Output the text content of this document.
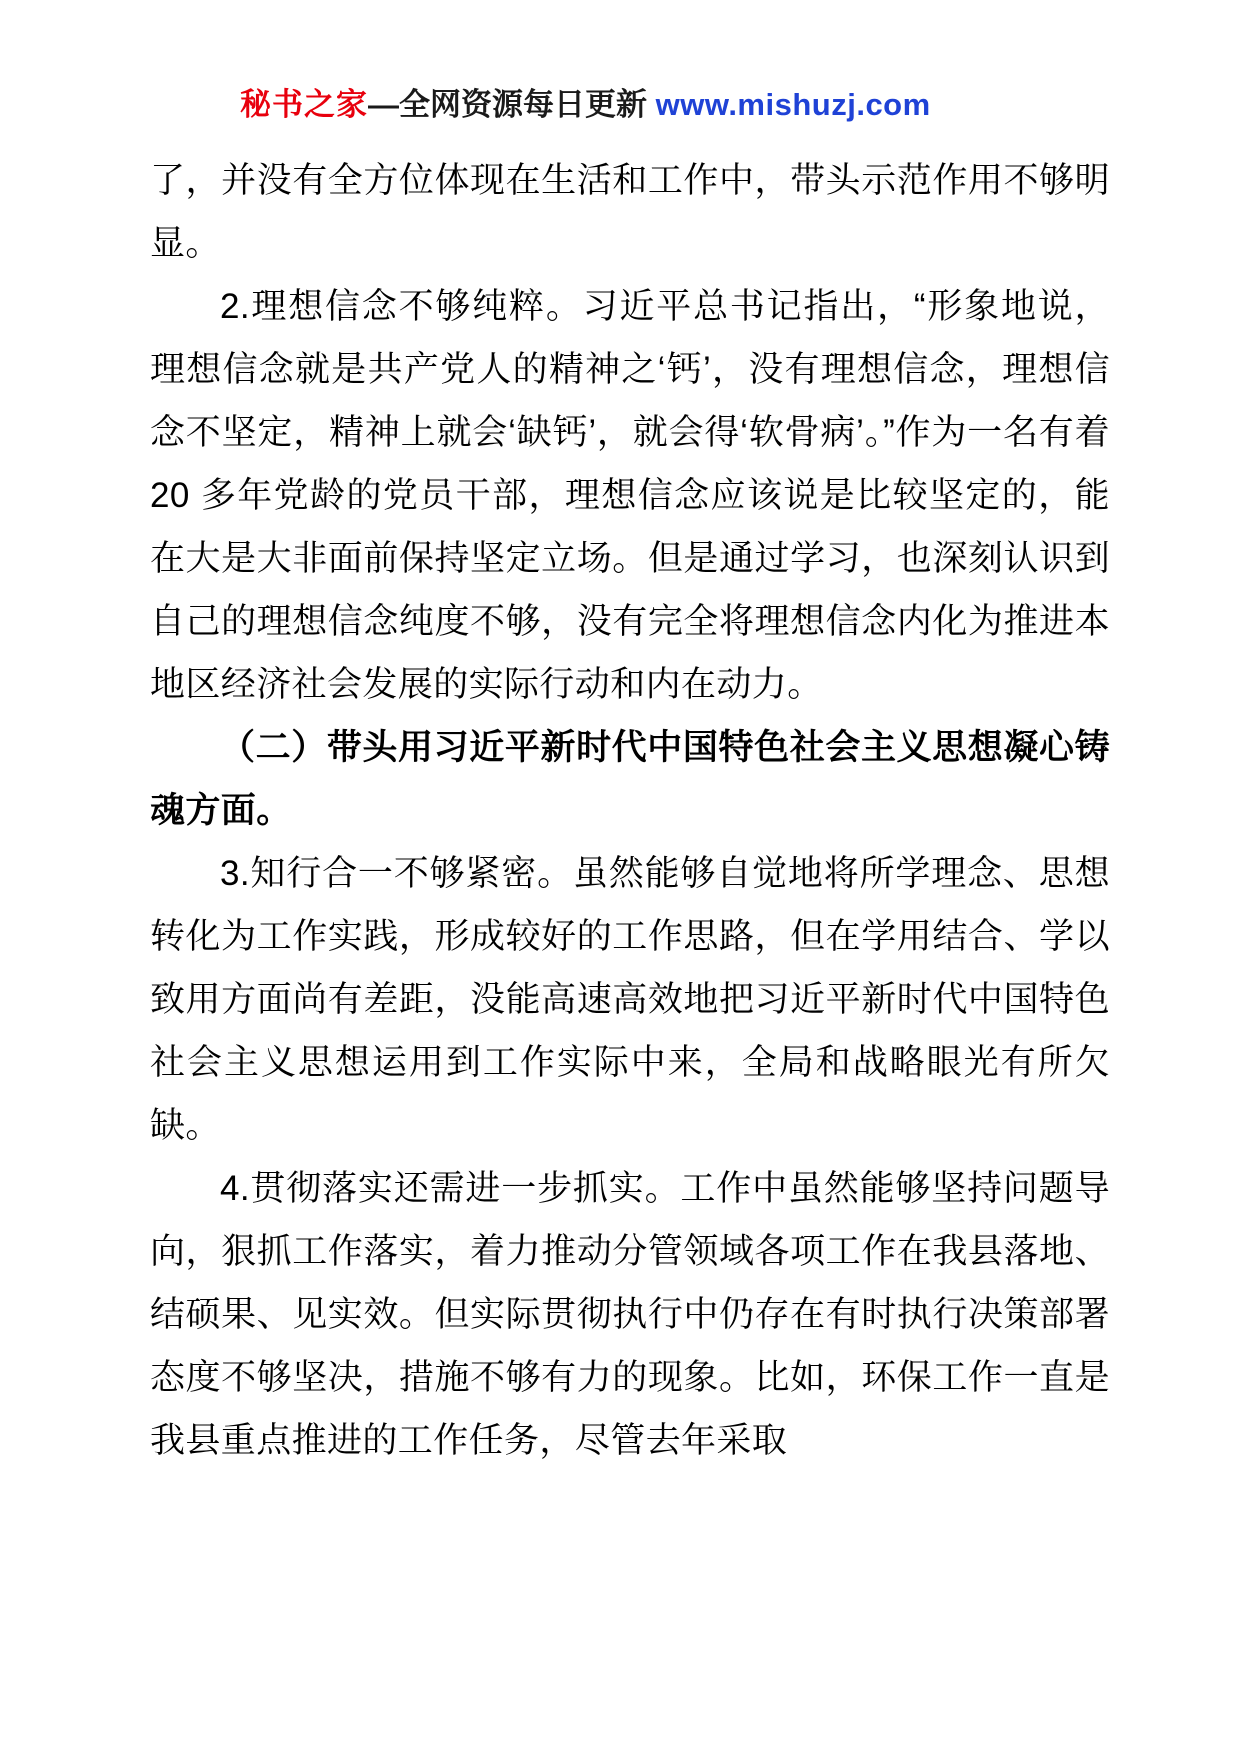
秘书之家—全网资源每日更新 www.mishuzj.com

了，并没有全方位体现在生活和工作中，带头示范作用不够明显。

2.理想信念不够纯粹。习近平总书记指出，“形象地说，理想信念就是共产党人的精神之‘钙’，没有理想信念，理想信念不坚定，精神上就会‘缺钙’，就会得‘软骨病’。”作为一名有着 20 多年党龄的党员干部，理想信念应该说是比较坚定的，能在大是大非面前保持坚定立场。但是通过学习，也深刻认识到自己的理想信念纯度不够，没有完全将理想信念内化为推进本地区经济社会发展的实际行动和内在动力。

（二）带头用习近平新时代中国特色社会主义思想凝心铸魂方面。

3.知行合一不够紧密。虽然能够自觉地将所学理念、思想转化为工作实践，形成较好的工作思路，但在学用结合、学以致用方面尚有差距，没能高速高效地把习近平新时代中国特色社会主义思想运用到工作实际中来，全局和战略眼光有所欠缺。

4.贯彻落实还需进一步抓实。工作中虽然能够坚持问题导向，狠抓工作落实，着力推动分管领域各项工作在我县落地、结硕果、见实效。但实际贯彻执行中仍存在有时执行决策部署态度不够坚决，措施不够有力的现象。比如，环保工作一直是我县重点推进的工作任务，尽管去年采取
